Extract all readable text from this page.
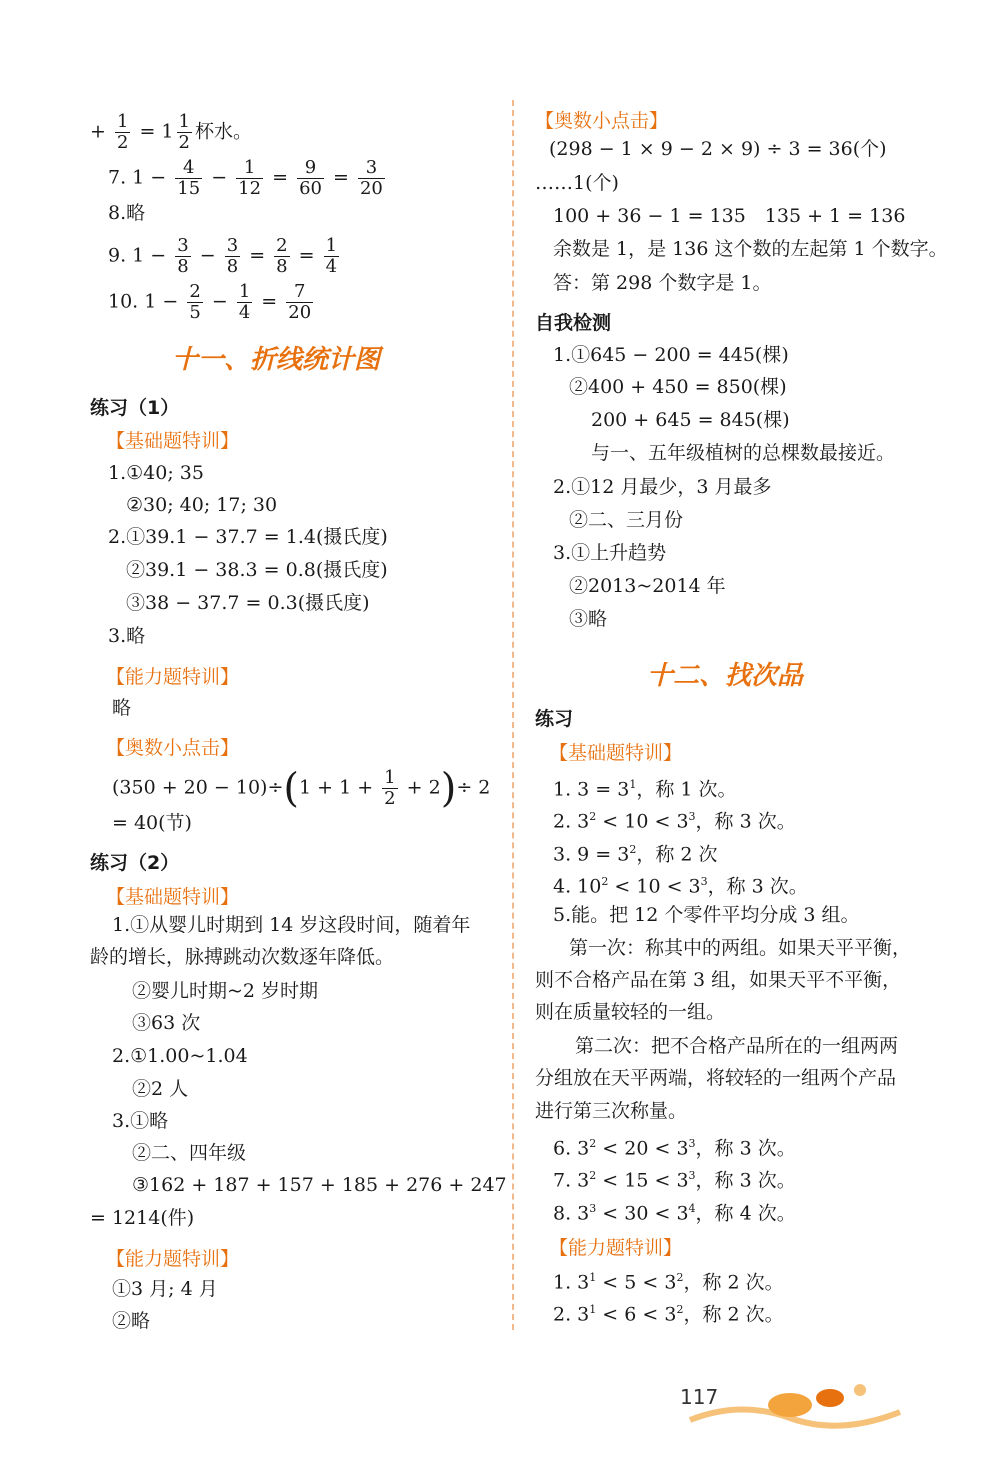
+ $\frac{1}{2} = 1 \frac{1}{2}$ 杯水。
7. $1 - \frac{4}{15} - \frac{1}{12} = \frac{9}{60} = \frac{3}{20}$
8.略
9. $1 - \frac{3}{8} - \frac{3}{8} = \frac{2}{8} = \frac{1}{4}$
10. $1 - \frac{2}{5} - \frac{1}{4} = \frac{7}{20}$
十一、折线统计图
练习（1）
【基础题特训】
1.①40; 35
②30; 40; 17; 30
2.①39.1 − 37.7 = 1.4(摄氏度)
②39.1 − 38.3 = 0.8(摄氏度)
③38 − 37.7 = 0.3(摄氏度)
3.略
【能力题特训】
略
【奥数小点击】
$(350 + 20 - 10)\div(1 + 1 + \frac{1}{2} + 2)\div 2$
= 40(节)
练习（2）
【基础题特训】
1.①从婴儿时期到 14 岁这段时间，随着年
龄的增长，脉搏跳动次数逐年降低。
②婴儿时期~2 岁时期
③63 次
2.①1.00~1.04
②2 人
3.①略
②二、四年级
③162 + 187 + 157 + 185 + 276 + 247
= 1214(件)
【能力题特训】
①3 月; 4 月
②略
【奥数小点击】
(298 − 1 × 9 − 2 × 9) ÷ 3 = 36(个)
……1(个)
100 + 36 − 1 = 135　135 + 1 = 136
余数是 1，是 136 这个数的左起第 1 个数字。
答：第 298 个数字是 1。
自我检测
1.①645 − 200 = 445(棵)
②400 + 450 = 850(棵)
200 + 645 = 845(棵)
与一、五年级植树的总棵数最接近。
2.①12 月最少，3 月最多
②二、三月份
3.①上升趋势
②2013~2014 年
③略
十二、找次品
练习
【基础题特训】
1. $3 = 3^1$，称 1 次。
2. $3^2 < 10 < 3^3$，称 3 次。
3. $9 = 3^2$，称 2 次
4. $10^2 < 10 < 3^3$，称 3 次。
5.能。把 12 个零件平均分成 3 组。
第一次：称其中的两组。如果天平平衡，
则不合格产品在第 3 组，如果天平不平衡，
则在质量较轻的一组。
第二次：把不合格产品所在的一组两两
分组放在天平两端，将较轻的一组两个产品
进行第三次称量。
6. $3^2 < 20 < 3^3$，称 3 次。
7. $3^2 < 15 < 3^3$，称 3 次。
8. $3^3 < 30 < 3^4$，称 4 次。
【能力题特训】
1. $3^1 < 5 < 3^2$，称 2 次。
2. $3^1 < 6 < 3^2$，称 2 次。
117
